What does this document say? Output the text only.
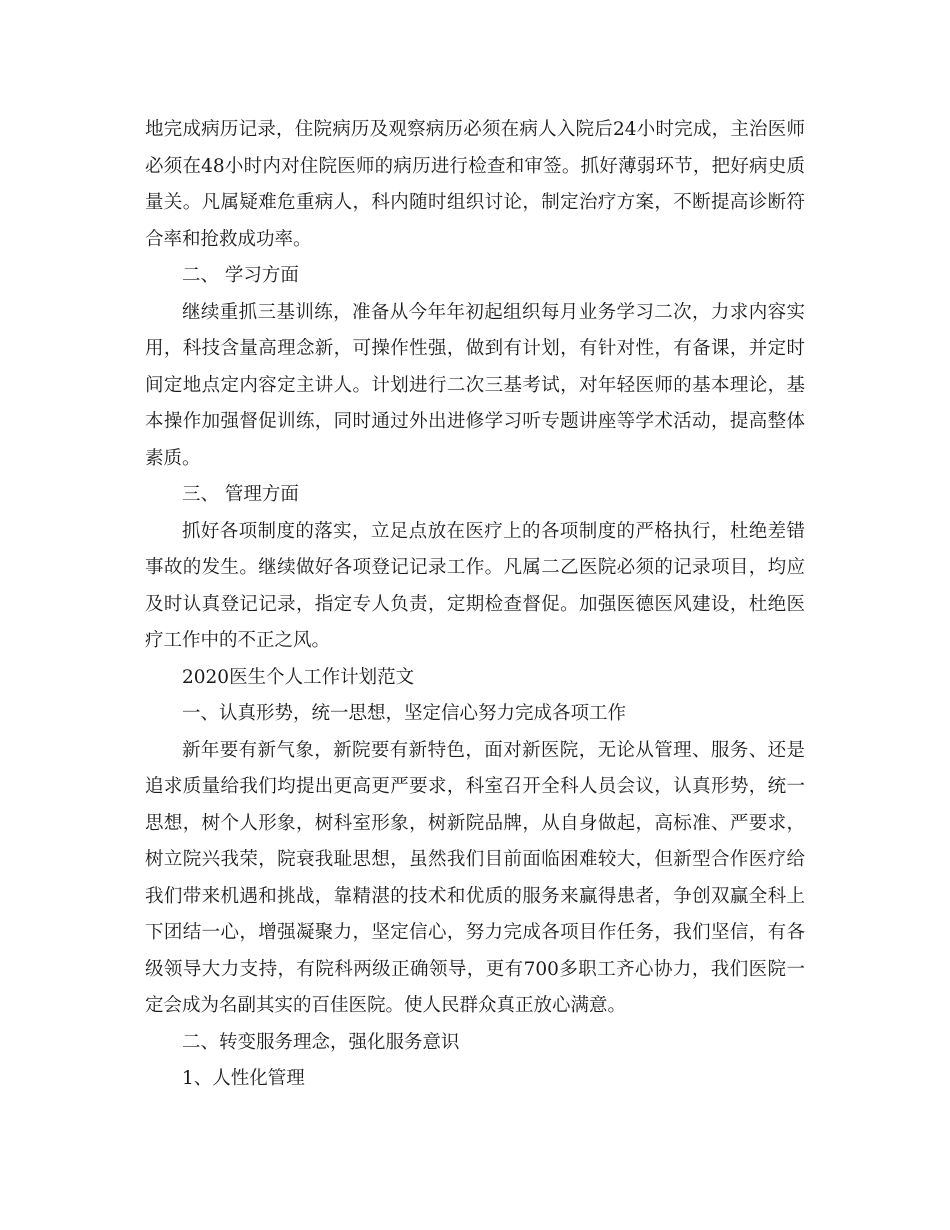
地完成病历记录，住院病历及观察病历必须在病人入院后24小时完成，主治医师必须在48小时内对住院医师的病历进行检查和审签。抓好薄弱环节，把好病史质量关。凡属疑难危重病人，科内随时组织讨论，制定治疗方案，不断提高诊断符合率和抢救成功率。

二、 学习方面

继续重抓三基训练，准备从今年年初起组织每月业务学习二次，力求内容实用，科技含量高理念新，可操作性强，做到有计划，有针对性，有备课，并定时间定地点定内容定主讲人。计划进行二次三基考试，对年轻医师的基本理论，基本操作加强督促训练，同时通过外出进修学习听专题讲座等学术活动，提高整体素质。

三、 管理方面

抓好各项制度的落实，立足点放在医疗上的各项制度的严格执行，杜绝差错事故的发生。继续做好各项登记记录工作。凡属二乙医院必须的记录项目，均应及时认真登记记录，指定专人负责，定期检查督促。加强医德医风建设，杜绝医疗工作中的不正之风。

2020医生个人工作计划范文

一、认真形势，统一思想，坚定信心努力完成各项工作

新年要有新气象，新院要有新特色，面对新医院，无论从管理、服务、还是追求质量给我们均提出更高更严要求，科室召开全科人员会议，认真形势，统一思想，树个人形象，树科室形象，树新院品牌，从自身做起，高标准、严要求，树立院兴我荣，院衰我耻思想，虽然我们目前面临困难较大，但新型合作医疗给我们带来机遇和挑战，靠精湛的技术和优质的服务来赢得患者，争创双赢全科上下团结一心，增强凝聚力，坚定信心，努力完成各项目作任务，我们坚信，有各级领导大力支持，有院科两级正确领导，更有700多职工齐心协力，我们医院一定会成为名副其实的百佳医院。使人民群众真正放心满意。

二、转变服务理念，强化服务意识

1、人性化管理
